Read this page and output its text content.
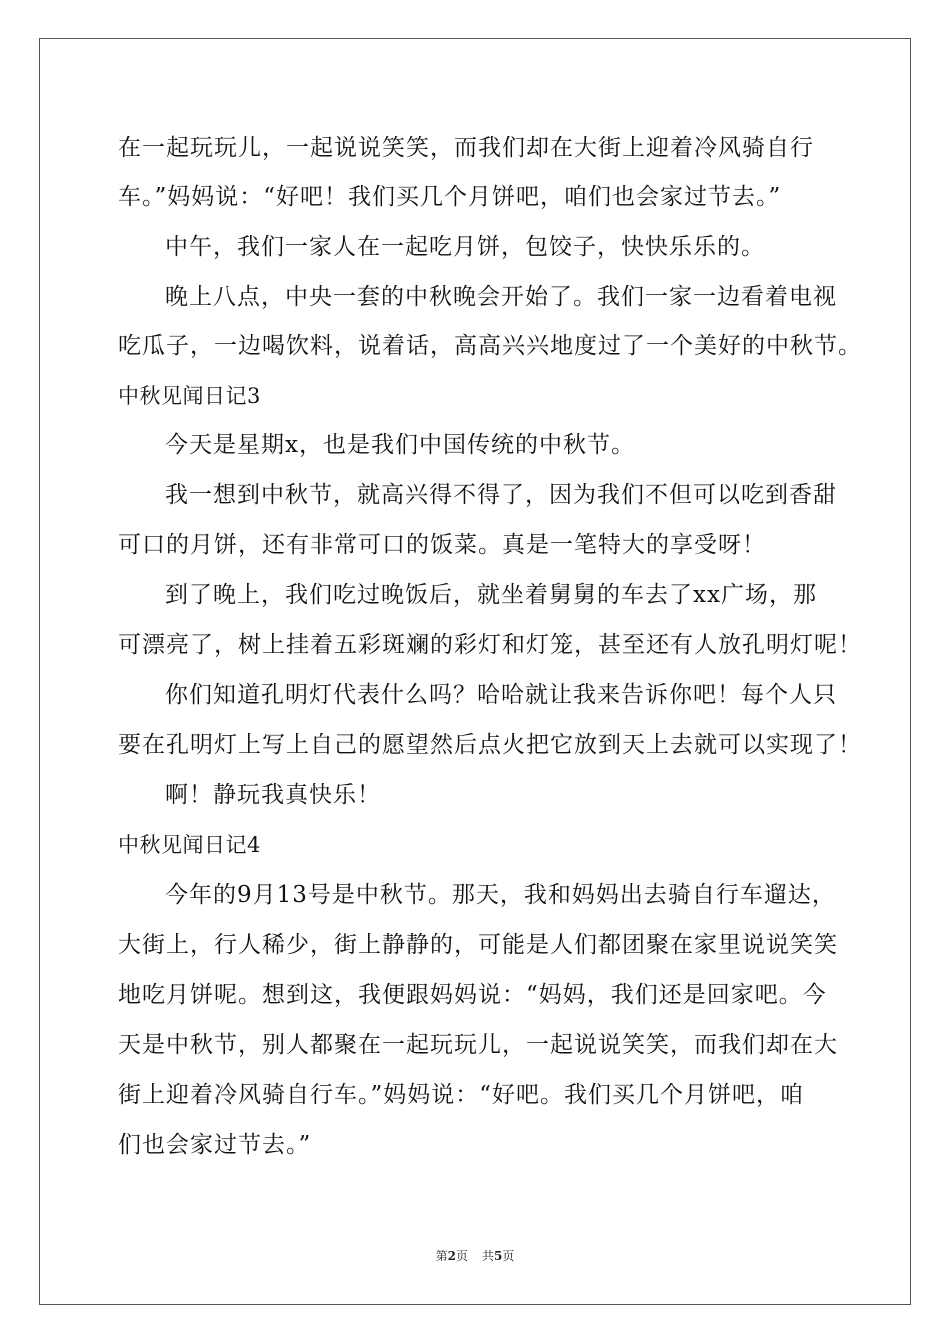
在一起玩玩儿，一起说说笑笑，而我们却在大街上迎着冷风骑自行

车。”妈妈说：“好吧！我们买几个月饼吧，咱们也会家过节去。”

中午，我们一家人在一起吃月饼，包饺子，快快乐乐的。

晚上八点，中央一套的中秋晚会开始了。我们一家一边看着电视

吃瓜子，一边喝饮料，说着话，高高兴兴地度过了一个美好的中秋节。

中秋见闻日记3

今天是星期x，也是我们中国传统的中秋节。

我一想到中秋节，就高兴得不得了，因为我们不但可以吃到香甜

可口的月饼，还有非常可口的饭菜。真是一笔特大的享受呀！

到了晚上，我们吃过晚饭后，就坐着舅舅的车去了xx广场，那

可漂亮了，树上挂着五彩斑斓的彩灯和灯笼，甚至还有人放孔明灯呢！

你们知道孔明灯代表什么吗？哈哈就让我来告诉你吧！每个人只

要在孔明灯上写上自己的愿望然后点火把它放到天上去就可以实现了！

啊！静玩我真快乐！

中秋见闻日记4

今年的9月13号是中秋节。那天，我和妈妈出去骑自行车遛达，

大街上，行人稀少，街上静静的，可能是人们都团聚在家里说说笑笑

地吃月饼呢。想到这，我便跟妈妈说：“妈妈，我们还是回家吧。今

天是中秋节，别人都聚在一起玩玩儿，一起说说笑笑，而我们却在大

街上迎着冷风骑自行车。”妈妈说：“好吧。我们买几个月饼吧，咱

们也会家过节去。”

第2页 共5页
